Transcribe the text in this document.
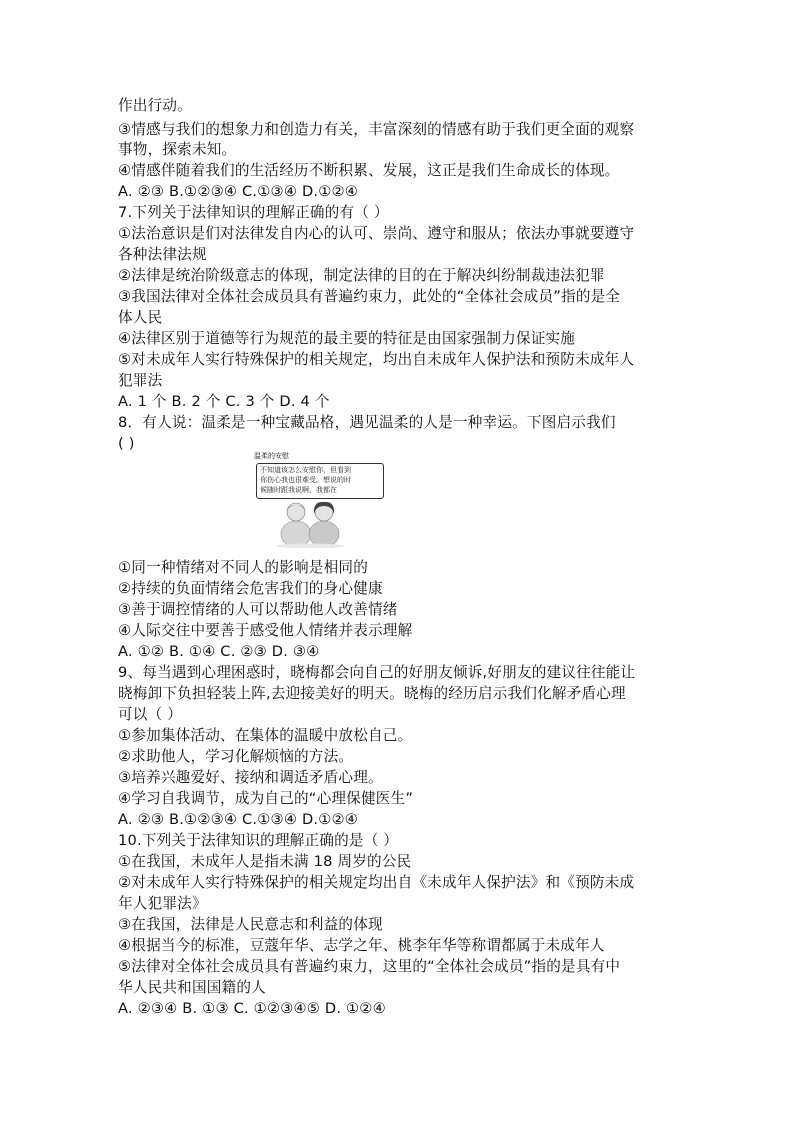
作出行动。
③情感与我们的想象力和创造力有关，丰富深刻的情感有助于我们更全面的观察
事物，探索未知。
④情感伴随着我们的生活经历不断积累、发展，这正是我们生命成长的体现。
A. ②③ B.①②③④ C.①③④ D.①②④
7.下列关于法律知识的理解正确的有（ ）
①法治意识是们对法律发自内心的认可、崇尚、遵守和服从；依法办事就要遵守
各种法律法规
②法律是统治阶级意志的体现，制定法律的目的在于解决纠纷制裁违法犯罪
③我国法律对全体社会成员具有普遍约束力，此处的“全体社会成员”指的是全
体人民
④法律区别于道德等行为规范的最主要的特征是由国家强制力保证实施
⑤对未成年人实行特殊保护的相关规定，均出自未成年人保护法和预防未成年人
犯罪法
A. 1 个 B. 2 个 C. 3 个 D. 4 个
8．有人说：温柔是一种宝藏品格，遇见温柔的人是一种幸运。下图启示我们
( )
①同一种情绪对不同人的影响是相同的
②持续的负面情绪会危害我们的身心健康
③善于调控情绪的人可以帮助他人改善情绪
④人际交往中要善于感受他人情绪并表示理解
A. ①② B. ①④ C. ②③ D. ③④
9、每当遇到心理困惑时，晓梅都会向自己的好朋友倾诉,好朋友的建议往往能让
晓梅卸下负担轻装上阵,去迎接美好的明天。晓梅的经历启示我们化解矛盾心理
可以（ ）
①参加集体活动、在集体的温暖中放松自己。
②求助他人，学习化解烦恼的方法。
③培养兴趣爱好、接纳和调适矛盾心理。
④学习自我调节，成为自己的“心理保健医生”
A. ②③ B.①②③④ C.①③④ D.①②④
10.下列关于法律知识的理解正确的是（ ）
①在我国，未成年人是指未满 18 周岁的公民
②对未成年人实行特殊保护的相关规定均出自《未成年人保护法》和《预防未成
年人犯罪法》
③在我国，法律是人民意志和利益的体现
④根据当今的标准，豆蔻年华、志学之年、桃李年华等称谓都属于未成年人
⑤法律对全体社会成员具有普遍约束力，这里的“全体社会成员”指的是具有中
华人民共和国国籍的人
A. ②③④ B. ①③ C. ①②③④⑤ D. ①②④
温柔的安慰
不知道该怎么安慰你，但看到
你伤心我也很难受。想说的时
候随时跟我说啊，我都在
